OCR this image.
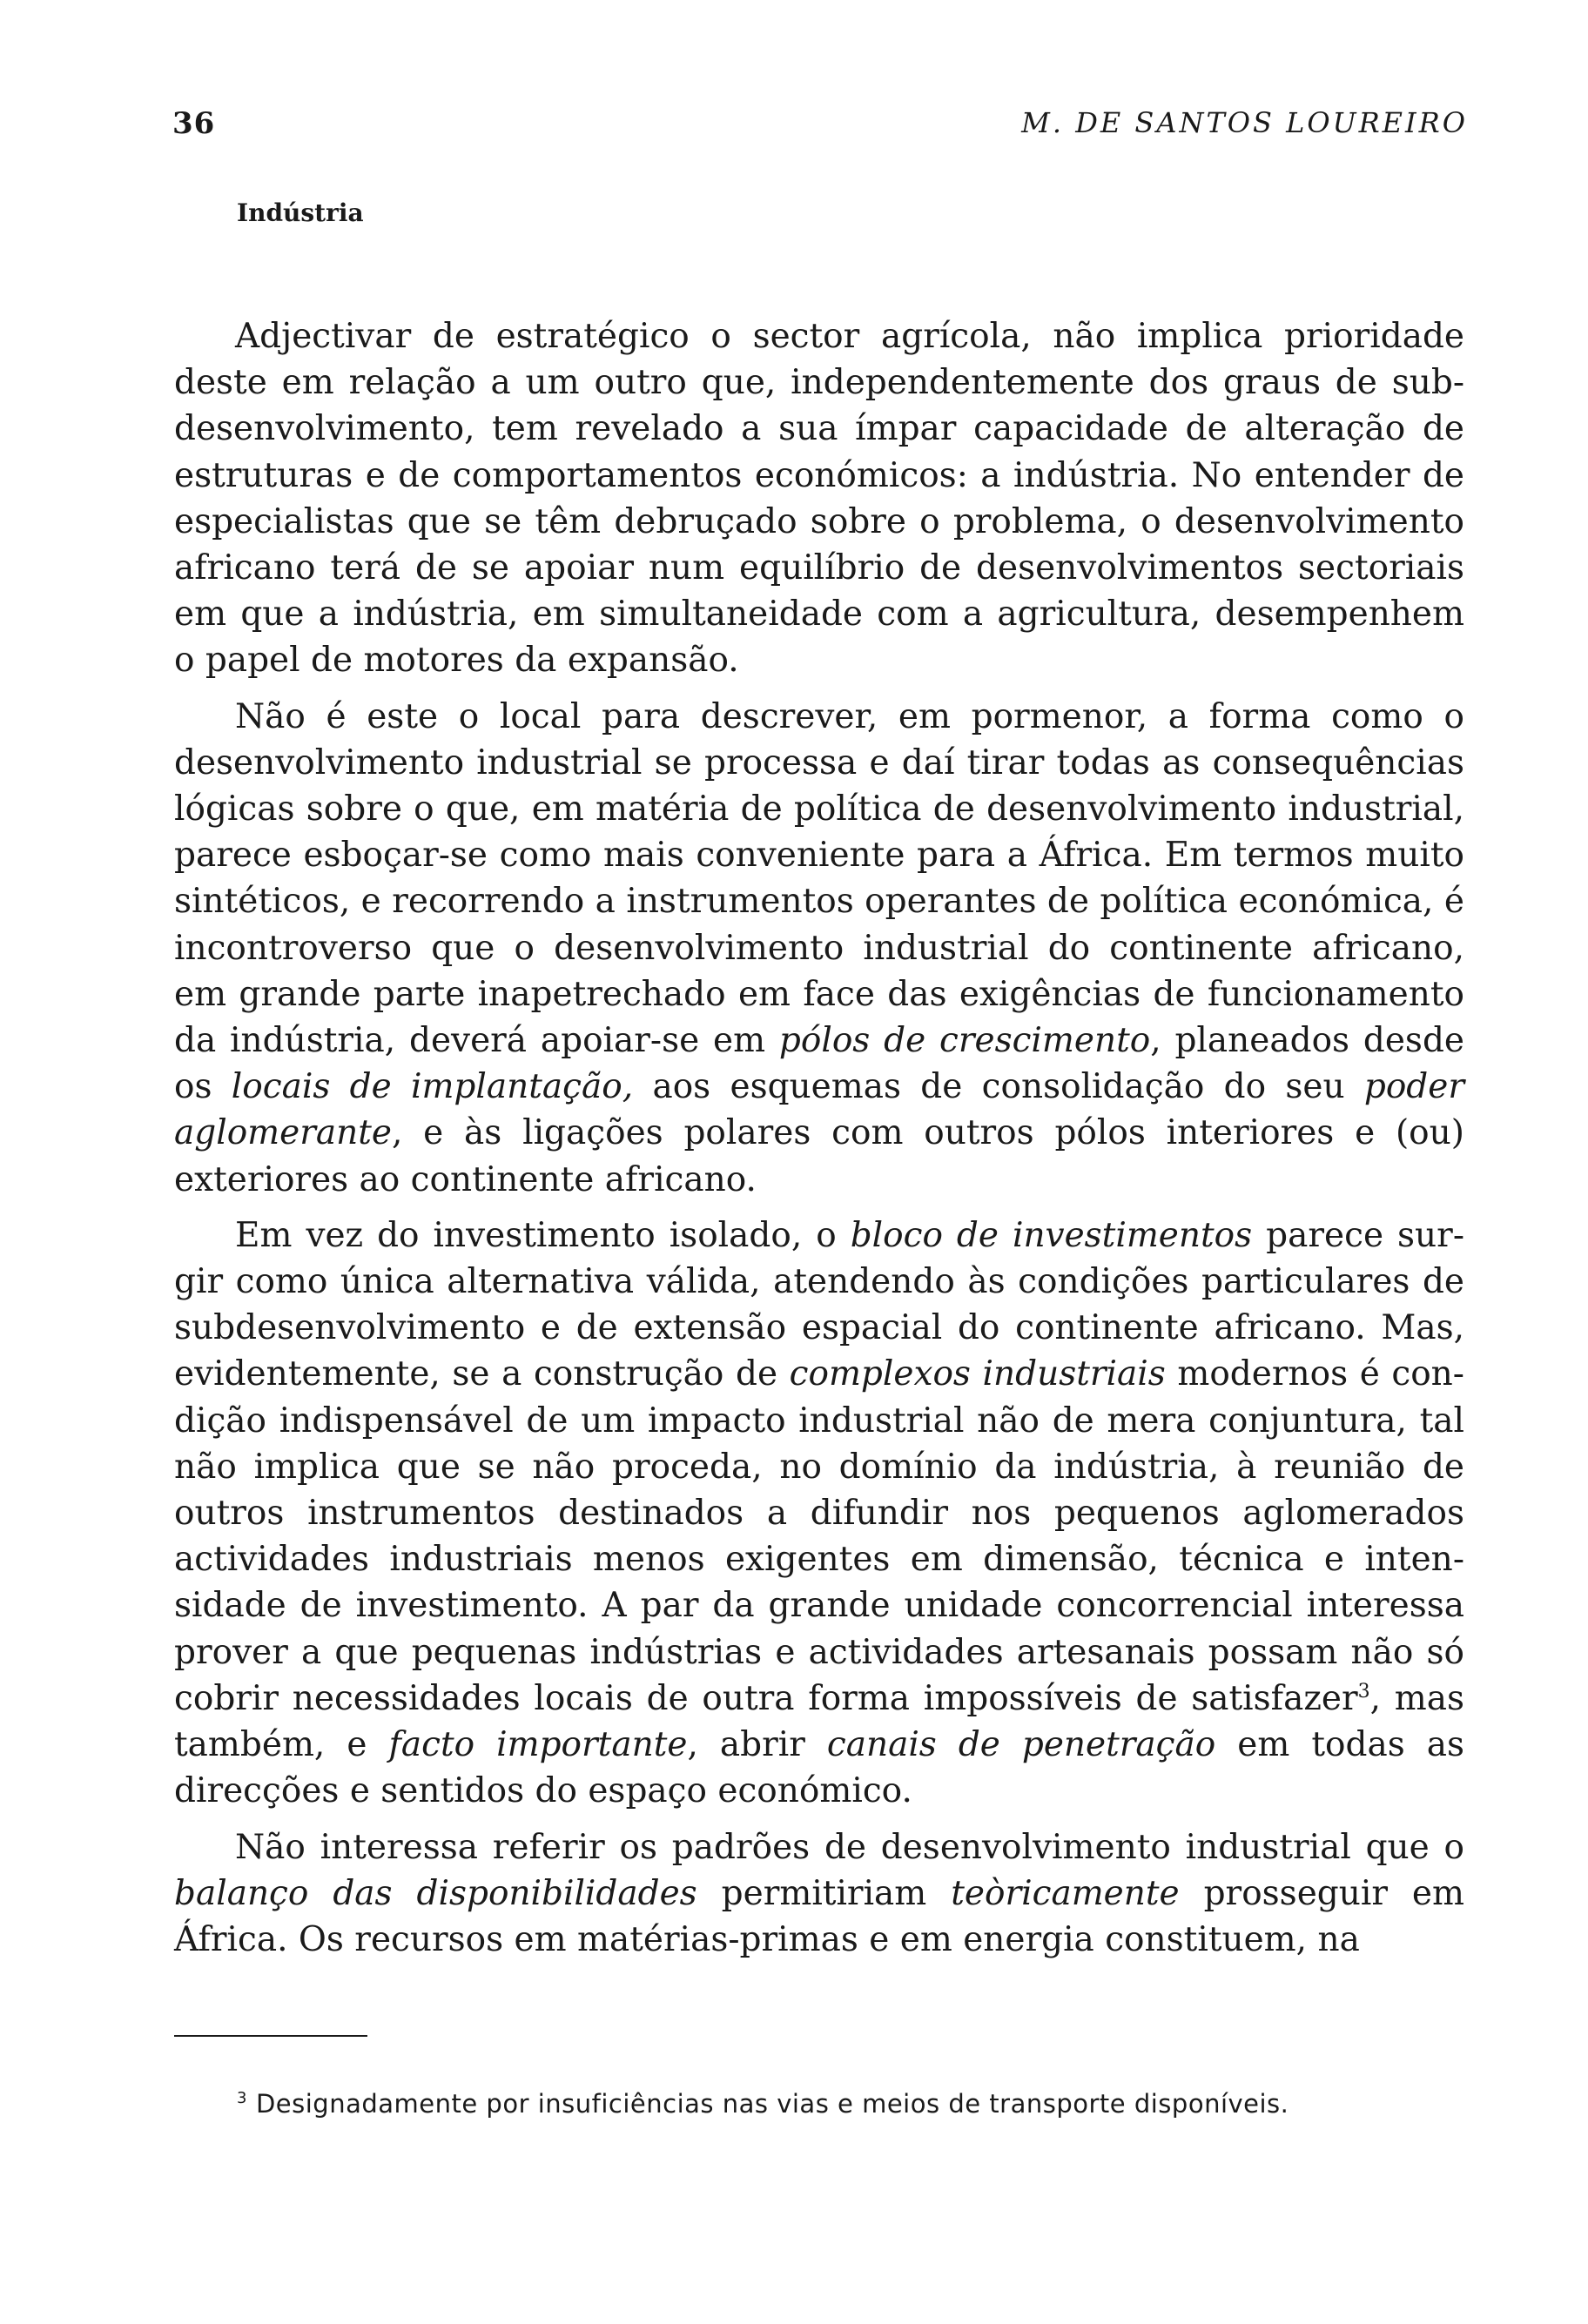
36	M. DE SANTOS LOUREIRO
Indústria

Adjectivar de estratégico o sector agrícola, não implica prioridade deste em relação a um outro que, independentemente dos graus de subdesenvolvimento, tem revelado a sua ímpar capacidade de alteração de estruturas e de comportamentos económicos: a indústria. No entender de especialistas que se têm debruçado sobre o problema, o desenvolvimento africano terá de se apoiar num equilíbrio de desenvolvimentos sectoriais em que a indústria, em simultaneidade com a agricultura, desempenhem o papel de motores da expansão.

Não é este o local para descrever, em pormenor, a forma como o desenvolvimento industrial se processa e daí tirar todas as consequências lógicas sobre o que, em matéria de política de desenvolvimento industrial, parece esboçar-se como mais conveniente para a África. Em termos muito sintéticos, e recorrendo a instrumentos operantes de política económica, é incontroverso que o desenvolvimento industrial do continente africano, em grande parte inapetrechado em face das exigências de funcionamento da indústria, deverá apoiar-se em pólos de crescimento, planeados desde os locais de implantação, aos esquemas de consolidação do seu poder aglomerante, e às ligações polares com outros pólos interiores e (ou) exteriores ao continente africano.

Em vez do investimento isolado, o bloco de investimentos parece surgir como única alternativa válida, atendendo às condições particulares de subdesenvolvimento e de extensão espacial do continente africano. Mas, evidentemente, se a construção de complexos industriais modernos é condição indispensável de um impacto industrial não de mera conjuntura, tal não implica que se não proceda, no domínio da indústria, à reunião de outros instrumentos destinados a difundir nos pequenos aglomerados actividades industriais menos exigentes em dimensão, técnica e intensidade de investimento. A par da grande unidade concorrencial interessa prover a que pequenas indústrias e actividades artesanais possam não só cobrir necessidades locais de outra forma impossíveis de satisfazer$^3$, mas também, e facto importante, abrir canais de penetração em todas as direcções e sentidos do espaço económico.

Não interessa referir os padrões de desenvolvimento industrial que o balanço das disponibilidades permitiriam teòricamente prosseguir em África. Os recursos em matérias-primas e em energia constituem, na

$^3$ Designadamente por insuficiências nas vias e meios de transporte disponíveis.
